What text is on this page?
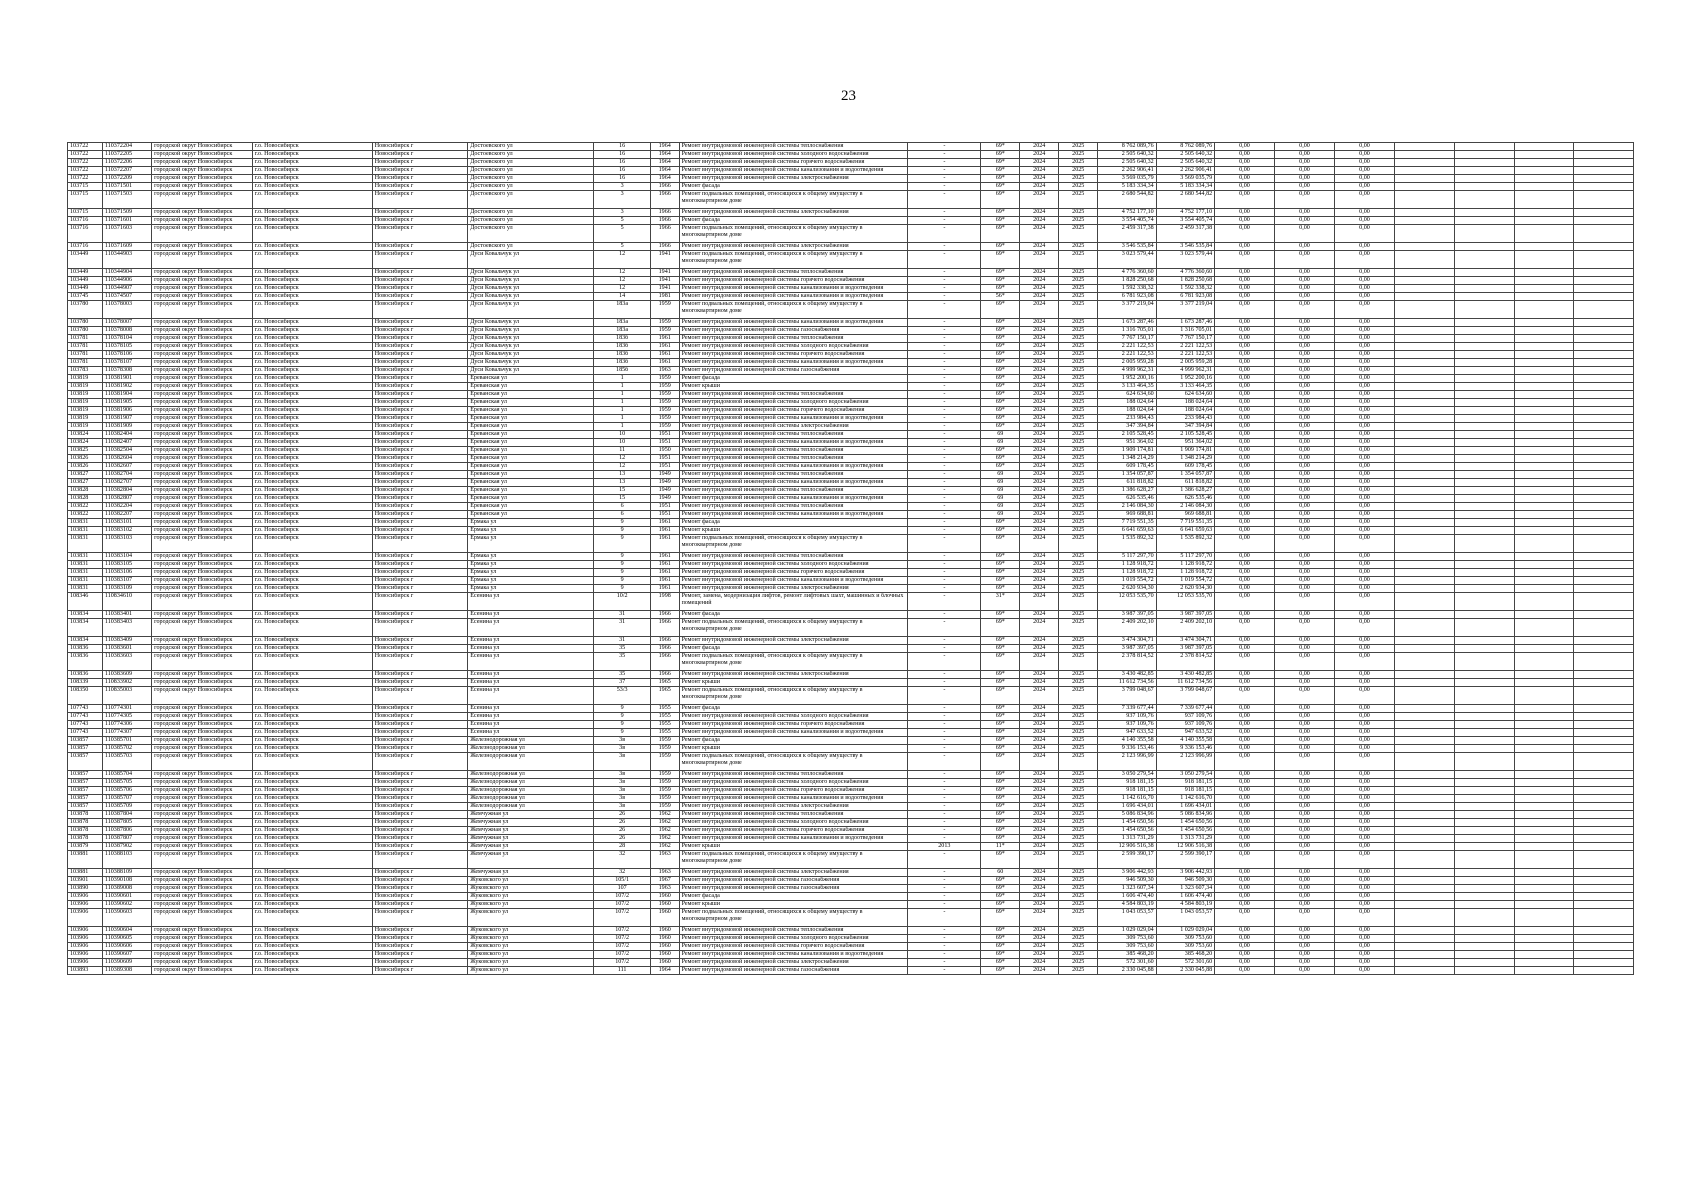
23
103722	110372204	городской округ Новосибирск	г.о. Новосибирск	Новосибирск г	Достоевского ул	16	1964	Ремонт внутридомовой инженерной системы теплоснабжения	-	69*	2024	2025	8 762 089,76	8 762 089,76	0,00	0,00	0,00				
103722	110372205	городской округ Новосибирск	г.о. Новосибирск	Новосибирск г	Достоевского ул	16	1964	Ремонт внутридомовой инженерной системы холодного водоснабжения	-	69*	2024	2025	2 505 640,32	2 505 640,32	0,00	0,00	0,00				
103722	110372206	городской округ Новосибирск	г.о. Новосибирск	Новосибирск г	Достоевского ул	16	1964	Ремонт внутридомовой инженерной системы горячего водоснабжения	-	69*	2024	2025	2 505 640,32	2 505 640,32	0,00	0,00	0,00				
103722	110372207	городской округ Новосибирск	г.о. Новосибирск	Новосибирск г	Достоевского ул	16	1964	Ремонт внутридомовой инженерной системы канализования и водоотведения	-	69*	2024	2025	2 262 906,41	2 262 906,41	0,00	0,00	0,00				
103722	110372209	городской округ Новосибирск	г.о. Новосибирск	Новосибирск г	Достоевского ул	16	1964	Ремонт внутридомовой инженерной системы электроснабжения	-	69*	2024	2025	3 569 035,79	3 569 035,79	0,00	0,00	0,00				
103715	110371501	городской округ Новосибирск	г.о. Новосибирск	Новосибирск г	Достоевского ул	3	1966	Ремонт фасада	-	69*	2024	2025	5 183 334,34	5 183 334,34	0,00	0,00	0,00				
103715	110371503	городской округ Новосибирск	г.о. Новосибирск	Новосибирск г	Достоевского ул	3	1966	Ремонт подвальных помещений, относящихся к общему имуществу в многоквартирном доме	-	69*	2024	2025	2 680 544,82	2 680 544,82	0,00	0,00	0,00				
103715	110371509	городской округ Новосибирск	г.о. Новосибирск	Новосибирск г	Достоевского ул	3	1966	Ремонт внутридомовой инженерной системы электроснабжения	-	69*	2024	2025	4 752 177,10	4 752 177,10	0,00	0,00	0,00				
103716	110371601	городской округ Новосибирск	г.о. Новосибирск	Новосибирск г	Достоевского ул	5	1966	Ремонт фасада	-	69*	2024	2025	3 554 405,74	3 554 405,74	0,00	0,00	0,00				
103716	110371603	городской округ Новосибирск	г.о. Новосибирск	Новосибирск г	Достоевского ул	5	1966	Ремонт подвальных помещений, относящихся к общему имуществу в многоквартирном доме	-	69*	2024	2025	2 459 317,38	2 459 317,38	0,00	0,00	0,00				
103716	110371609	городской округ Новосибирск	г.о. Новосибирск	Новосибирск г	Достоевского ул	5	1966	Ремонт внутридомовой инженерной системы электроснабжения	-	69*	2024	2025	3 546 535,84	3 546 535,84	0,00	0,00	0,00				
103449	110344903	городской округ Новосибирск	г.о. Новосибирск	Новосибирск г	Дуси Ковальчук ул	12	1941	Ремонт подвальных помещений, относящихся к общему имуществу в многоквартирном доме	-	69*	2024	2025	3 023 579,44	3 023 579,44	0,00	0,00	0,00				
103449	110344904	городской округ Новосибирск	г.о. Новосибирск	Новосибирск г	Дуси Ковальчук ул	12	1941	Ремонт внутридомовой инженерной системы теплоснабжения	-	69*	2024	2025	4 776 360,60	4 776 360,60	0,00	0,00	0,00				
103449	110344906	городской округ Новосибирск	г.о. Новосибирск	Новосибирск г	Дуси Ковальчук ул	12	1941	Ремонт внутридомовой инженерной системы горячего водоснабжения	-	69*	2024	2025	1 828 250,68	1 828 250,68	0,00	0,00	0,00				
103449	110344907	городской округ Новосибирск	г.о. Новосибирск	Новосибирск г	Дуси Ковальчук ул	12	1941	Ремонт внутридомовой инженерной системы канализования и водоотведения	-	69*	2024	2025	1 592 338,32	1 592 338,32	0,00	0,00	0,00				
103745	110374507	городской округ Новосибирск	г.о. Новосибирск	Новосибирск г	Дуси Ковальчук ул	14	1981	Ремонт внутридомовой инженерной системы канализования и водоотведения	-	56*	2024	2025	6 781 923,08	6 781 923,08	0,00	0,00	0,00				
103780	110378003	городской округ Новосибирск	г.о. Новосибирск	Новосибирск г	Дуси Ковальчук ул	183а	1959	Ремонт подвальных помещений, относящихся к общему имуществу в многоквартирном доме	-	69*	2024	2025	3 377 219,04	3 377 219,04	0,00	0,00	0,00				
103780	110378007	городской округ Новосибирск	г.о. Новосибирск	Новосибирск г	Дуси Ковальчук ул	183а	1959	Ремонт внутридомовой инженерной системы канализования и водоотведения	-	69*	2024	2025	1 673 287,46	1 673 287,46	0,00	0,00	0,00				
103780	110378008	городской округ Новосибирск	г.о. Новосибирск	Новосибирск г	Дуси Ковальчук ул	183а	1959	Ремонт внутридомовой инженерной системы газоснабжения	-	69*	2024	2025	1 316 705,01	1 316 705,01	0,00	0,00	0,00				
103781	110378104	городской округ Новосибирск	г.о. Новосибирск	Новосибирск г	Дуси Ковальчук ул	183б	1961	Ремонт внутридомовой инженерной системы теплоснабжения	-	69*	2024	2025	7 767 150,17	7 767 150,17	0,00	0,00	0,00				
103781	110378105	городской округ Новосибирск	г.о. Новосибирск	Новосибирск г	Дуси Ковальчук ул	183б	1961	Ремонт внутридомовой инженерной системы холодного водоснабжения	-	69*	2024	2025	2 221 122,53	2 221 122,53	0,00	0,00	0,00				
103781	110378106	городской округ Новосибирск	г.о. Новосибирск	Новосибирск г	Дуси Ковальчук ул	183б	1961	Ремонт внутридомовой инженерной системы горячего водоснабжения	-	69*	2024	2025	2 221 122,53	2 221 122,53	0,00	0,00	0,00				
103781	110378107	городской округ Новосибирск	г.о. Новосибирск	Новосибирск г	Дуси Ковальчук ул	183б	1961	Ремонт внутридомовой инженерной системы канализования и водоотведения	-	69*	2024	2025	2 005 959,28	2 005 959,28	0,00	0,00	0,00				
103783	110378308	городской округ Новосибирск	г.о. Новосибирск	Новосибирск г	Дуси Ковальчук ул	185б	1963	Ремонт внутридомовой инженерной системы газоснабжения	-	69*	2024	2025	4 999 962,31	4 999 962,31	0,00	0,00	0,00				
103819	110381901	городской округ Новосибирск	г.о. Новосибирск	Новосибирск г	Ереванская ул	1	1959	Ремонт фасада	-	69*	2024	2025	1 952 200,16	1 952 200,16	0,00	0,00	0,00				
103819	110381902	городской округ Новосибирск	г.о. Новосибирск	Новосибирск г	Ереванская ул	1	1959	Ремонт крыши	-	69*	2024	2025	3 133 464,35	3 133 464,35	0,00	0,00	0,00				
103819	110381904	городской округ Новосибирск	г.о. Новосибирск	Новосибирск г	Ереванская ул	1	1959	Ремонт внутридомовой инженерной системы теплоснабжения	-	69*	2024	2025	624 634,60	624 634,60	0,00	0,00	0,00				
103819	110381905	городской округ Новосибирск	г.о. Новосибирск	Новосибирск г	Ереванская ул	1	1959	Ремонт внутридомовой инженерной системы холодного водоснабжения	-	69*	2024	2025	188 024,64	188 024,64	0,00	0,00	0,00				
103819	110381906	городской округ Новосибирск	г.о. Новосибирск	Новосибирск г	Ереванская ул	1	1959	Ремонт внутридомовой инженерной системы горячего водоснабжения	-	69*	2024	2025	188 024,64	188 024,64	0,00	0,00	0,00				
103819	110381907	городской округ Новосибирск	г.о. Новосибирск	Новосибирск г	Ереванская ул	1	1959	Ремонт внутридомовой инженерной системы канализования и водоотведения	-	69*	2024	2025	233 984,43	233 984,43	0,00	0,00	0,00				
103819	110381909	городской округ Новосибирск	г.о. Новосибирск	Новосибирск г	Ереванская ул	1	1959	Ремонт внутридомовой инженерной системы электроснабжения	-	69*	2024	2025	347 394,84	347 394,84	0,00	0,00	0,00				
103824	110382404	городской округ Новосибирск	г.о. Новосибирск	Новосибирск г	Ереванская ул	10	1951	Ремонт внутридомовой инженерной системы теплоснабжения	-	69	2024	2025	2 105 528,45	2 105 528,45	0,00	0,00	0,00				
103824	110382407	городской округ Новосибирск	г.о. Новосибирск	Новосибирск г	Ереванская ул	10	1951	Ремонт внутридомовой инженерной системы канализования и водоотведения	-	69	2024	2025	951 364,02	951 364,02	0,00	0,00	0,00				
103825	110382504	городской округ Новосибирск	г.о. Новосибирск	Новосибирск г	Ереванская ул	11	1950	Ремонт внутридомовой инженерной системы теплоснабжения	-	69*	2024	2025	1 909 174,81	1 909 174,81	0,00	0,00	0,00				
103826	110382604	городской округ Новосибирск	г.о. Новосибирск	Новосибирск г	Ереванская ул	12	1951	Ремонт внутридомовой инженерной системы теплоснабжения	-	69*	2024	2025	1 348 214,29	1 348 214,29	0,00	0,00	0,00				
103826	110382607	городской округ Новосибирск	г.о. Новосибирск	Новосибирск г	Ереванская ул	12	1951	Ремонт внутридомовой инженерной системы канализования и водоотведения	-	69*	2024	2025	609 178,45	609 178,45	0,00	0,00	0,00				
103827	110382704	городской округ Новосибирск	г.о. Новосибирск	Новосибирск г	Ереванская ул	13	1949	Ремонт внутридомовой инженерной системы теплоснабжения	-	69	2024	2025	1 354 057,87	1 354 057,87	0,00	0,00	0,00				
103827	110382707	городской округ Новосибирск	г.о. Новосибирск	Новосибирск г	Ереванская ул	13	1949	Ремонт внутридомовой инженерной системы канализования и водоотведения	-	69	2024	2025	611 818,82	611 818,82	0,00	0,00	0,00				
103828	110382804	городской округ Новосибирск	г.о. Новосибирск	Новосибирск г	Ереванская ул	15	1949	Ремонт внутридомовой инженерной системы теплоснабжения	-	69	2024	2025	1 386 628,27	1 386 628,27	0,00	0,00	0,00				
103828	110382807	городской округ Новосибирск	г.о. Новосибирск	Новосибирск г	Ереванская ул	15	1949	Ремонт внутридомовой инженерной системы канализования и водоотведения	-	69	2024	2025	626 535,46	626 535,46	0,00	0,00	0,00				
103822	110382204	городской округ Новосибирск	г.о. Новосибирск	Новосибирск г	Ереванская ул	6	1951	Ремонт внутридомовой инженерной системы теплоснабжения	-	69	2024	2025	2 146 084,30	2 146 084,30	0,00	0,00	0,00				
103822	110382207	городской округ Новосибирск	г.о. Новосибирск	Новосибирск г	Ереванская ул	6	1951	Ремонт внутридомовой инженерной системы канализования и водоотведения	-	69	2024	2025	969 688,81	969 688,81	0,00	0,00	0,00				
103831	110383101	городской округ Новосибирск	г.о. Новосибирск	Новосибирск г	Ермака ул	9	1961	Ремонт фасада	-	69*	2024	2025	7 719 551,35	7 719 551,35	0,00	0,00	0,00				
103831	110383102	городской округ Новосибирск	г.о. Новосибирск	Новосибирск г	Ермака ул	9	1961	Ремонт крыши	-	69*	2024	2025	6 641 659,63	6 641 659,63	0,00	0,00	0,00				
103831	110383103	городской округ Новосибирск	г.о. Новосибирск	Новосибирск г	Ермака ул	9	1961	Ремонт подвальных помещений, относящихся к общему имуществу в многоквартирном доме	-	69*	2024	2025	1 535 892,32	1 535 892,32	0,00	0,00	0,00				
103831	110383104	городской округ Новосибирск	г.о. Новосибирск	Новосибирск г	Ермака ул	9	1961	Ремонт внутридомовой инженерной системы теплоснабжения	-	69*	2024	2025	5 117 297,70	5 117 297,70	0,00	0,00	0,00				
103831	110383105	городской округ Новосибирск	г.о. Новосибирск	Новосибирск г	Ермака ул	9	1961	Ремонт внутридомовой инженерной системы холодного водоснабжения	-	69*	2024	2025	1 128 918,72	1 128 918,72	0,00	0,00	0,00				
103831	110383106	городской округ Новосибирск	г.о. Новосибирск	Новосибирск г	Ермака ул	9	1961	Ремонт внутридомовой инженерной системы горячего водоснабжения	-	69*	2024	2025	1 128 918,72	1 128 918,72	0,00	0,00	0,00				
103831	110383107	городской округ Новосибирск	г.о. Новосибирск	Новосибирск г	Ермака ул	9	1961	Ремонт внутридомовой инженерной системы канализования и водоотведения	-	69*	2024	2025	1 019 554,72	1 019 554,72	0,00	0,00	0,00				
103831	110383109	городской округ Новосибирск	г.о. Новосибирск	Новосибирск г	Ермака ул	9	1961	Ремонт внутридомовой инженерной системы электроснабжения	-	69*	2024	2025	2 620 934,30	2 620 934,30	0,00	0,00	0,00				
108346	110834610	городской округ Новосибирск	г.о. Новосибирск	Новосибирск г	Есенина ул	10/2	1998	Ремонт, замена, модернизация лифтов, ремонт лифтовых шахт, машинных и блочных помещений	-	31*	2024	2025	12 053 535,70	12 053 535,70	0,00	0,00	0,00				
103834	110383401	городской округ Новосибирск	г.о. Новосибирск	Новосибирск г	Есенина ул	31	1966	Ремонт фасада	-	69*	2024	2025	3 987 397,05	3 987 397,05	0,00	0,00	0,00				
103834	110383403	городской округ Новосибирск	г.о. Новосибирск	Новосибирск г	Есенина ул	31	1966	Ремонт подвальных помещений, относящихся к общему имуществу в многоквартирном доме	-	69*	2024	2025	2 409 202,10	2 409 202,10	0,00	0,00	0,00				
103834	110383409	городской округ Новосибирск	г.о. Новосибирск	Новосибирск г	Есенина ул	31	1966	Ремонт внутридомовой инженерной системы электроснабжения	-	69*	2024	2025	3 474 304,71	3 474 304,71	0,00	0,00	0,00				
103836	110383601	городской округ Новосибирск	г.о. Новосибирск	Новосибирск г	Есенина ул	35	1966	Ремонт фасада	-	69*	2024	2025	3 987 397,05	3 987 397,05	0,00	0,00	0,00				
103836	110383603	городской округ Новосибирск	г.о. Новосибирск	Новосибирск г	Есенина ул	35	1966	Ремонт подвальных помещений, относящихся к общему имуществу в многоквартирном доме	-	69*	2024	2025	2 378 814,52	2 378 814,52	0,00	0,00	0,00				
103836	110383609	городской округ Новосибирск	г.о. Новосибирск	Новосибирск г	Есенина ул	35	1966	Ремонт внутридомовой инженерной системы электроснабжения	-	69*	2024	2025	3 430 482,85	3 430 482,85	0,00	0,00	0,00				
108339	110833902	городской округ Новосибирск	г.о. Новосибирск	Новосибирск г	Есенина ул	37	1965	Ремонт крыши	-	69*	2024	2025	11 612 734,56	11 612 734,56	0,00	0,00	0,00				
108350	110835003	городской округ Новосибирск	г.о. Новосибирск	Новосибирск г	Есенина ул	53/3	1965	Ремонт подвальных помещений, относящихся к общему имуществу в многоквартирном доме	-	69*	2024	2025	3 799 048,67	3 799 048,67	0,00	0,00	0,00				
107743	110774301	городской округ Новосибирск	г.о. Новосибирск	Новосибирск г	Есенина ул	9	1955	Ремонт фасада	-	69*	2024	2025	7 339 677,44	7 339 677,44	0,00	0,00	0,00				
107743	110774305	городской округ Новосибирск	г.о. Новосибирск	Новосибирск г	Есенина ул	9	1955	Ремонт внутридомовой инженерной системы холодного водоснабжения	-	69*	2024	2025	937 109,76	937 109,76	0,00	0,00	0,00				
107743	110774306	городской округ Новосибирск	г.о. Новосибирск	Новосибирск г	Есенина ул	9	1955	Ремонт внутридомовой инженерной системы горячего водоснабжения	-	69*	2024	2025	937 109,76	937 109,76	0,00	0,00	0,00				
107743	110774307	городской округ Новосибирск	г.о. Новосибирск	Новосибирск г	Есенина ул	9	1955	Ремонт внутридомовой инженерной системы канализования и водоотведения	-	69*	2024	2025	947 633,52	947 633,52	0,00	0,00	0,00				
103857	110385701	городской округ Новосибирск	г.о. Новосибирск	Новосибирск г	Железнодорожная ул	3в	1959	Ремонт фасада	-	69*	2024	2025	4 140 355,58	4 140 355,58	0,00	0,00	0,00				
103857	110385702	городской округ Новосибирск	г.о. Новосибирск	Новосибирск г	Железнодорожная ул	3в	1959	Ремонт крыши	-	69*	2024	2025	9 336 153,46	9 336 153,46	0,00	0,00	0,00				
103857	110385703	городской округ Новосибирск	г.о. Новосибирск	Новосибирск г	Железнодорожная ул	3в	1959	Ремонт подвальных помещений, относящихся к общему имуществу в многоквартирном доме	-	69*	2024	2025	2 123 996,99	2 123 996,99	0,00	0,00	0,00				
103857	110385704	городской округ Новосибирск	г.о. Новосибирск	Новосибирск г	Железнодорожная ул	3в	1959	Ремонт внутридомовой инженерной системы теплоснабжения	-	69*	2024	2025	3 050 279,54	3 050 279,54	0,00	0,00	0,00				
103857	110385705	городской округ Новосибирск	г.о. Новосибирск	Новосибирск г	Железнодорожная ул	3в	1959	Ремонт внутридомовой инженерной системы холодного водоснабжения	-	69*	2024	2025	918 181,15	918 181,15	0,00	0,00	0,00				
103857	110385706	городской округ Новосибирск	г.о. Новосибирск	Новосибирск г	Железнодорожная ул	3в	1959	Ремонт внутридомовой инженерной системы горячего водоснабжения	-	69*	2024	2025	918 181,15	918 181,15	0,00	0,00	0,00				
103857	110385707	городской округ Новосибирск	г.о. Новосибирск	Новосибирск г	Железнодорожная ул	3в	1959	Ремонт внутридомовой инженерной системы канализования и водоотведения	-	69*	2024	2025	1 142 616,70	1 142 616,70	0,00	0,00	0,00				
103857	110385709	городской округ Новосибирск	г.о. Новосибирск	Новосибирск г	Железнодорожная ул	3в	1959	Ремонт внутридомовой инженерной системы электроснабжения	-	69*	2024	2025	1 696 434,01	1 696 434,01	0,00	0,00	0,00				
103878	110387804	городской округ Новосибирск	г.о. Новосибирск	Новосибирск г	Жемчужная ул	26	1962	Ремонт внутридомовой инженерной системы теплоснабжения	-	69*	2024	2025	5 086 834,96	5 086 834,96	0,00	0,00	0,00				
103878	110387805	городской округ Новосибирск	г.о. Новосибирск	Новосибирск г	Жемчужная ул	26	1962	Ремонт внутридомовой инженерной системы холодного водоснабжения	-	69*	2024	2025	1 454 650,56	1 454 650,56	0,00	0,00	0,00				
103878	110387806	городской округ Новосибирск	г.о. Новосибирск	Новосибирск г	Жемчужная ул	26	1962	Ремонт внутридомовой инженерной системы горячего водоснабжения	-	69*	2024	2025	1 454 650,56	1 454 650,56	0,00	0,00	0,00				
103878	110387807	городской округ Новосибирск	г.о. Новосибирск	Новосибирск г	Жемчужная ул	26	1962	Ремонт внутридомовой инженерной системы канализования и водоотведения	-	69*	2024	2025	1 313 731,29	1 313 731,29	0,00	0,00	0,00				
103879	110387902	городской округ Новосибирск	г.о. Новосибирск	Новосибирск г	Жемчужная ул	28	1962	Ремонт крыши	2013	11*	2024	2025	12 906 516,38	12 906 516,38	0,00	0,00	0,00				
103881	110388103	городской округ Новосибирск	г.о. Новосибирск	Новосибирск г	Жемчужная ул	32	1963	Ремонт подвальных помещений, относящихся к общему имуществу в многоквартирном доме	-	69*	2024	2025	2 599 390,17	2 599 390,17	0,00	0,00	0,00				
103881	110388109	городской округ Новосибирск	г.о. Новосибирск	Новосибирск г	Жемчужная ул	32	1963	Ремонт внутридомовой инженерной системы электроснабжения	-	60	2024	2025	3 906 442,93	3 906 442,93	0,00	0,00	0,00				
103901	110390108	городской округ Новосибирск	г.о. Новосибирск	Новосибирск г	Жуковского ул	105/1	1967	Ремонт внутридомовой инженерной системы газоснабжения	-	69*	2024	2025	946 509,30	946 509,30	0,00	0,00	0,00				
103890	110389008	городской округ Новосибирск	г.о. Новосибирск	Новосибирск г	Жуковского ул	107	1963	Ремонт внутридомовой инженерной системы газоснабжения	-	69*	2024	2025	1 323 607,34	1 323 607,34	0,00	0,00	0,00				
103906	110390601	городской округ Новосибирск	г.о. Новосибирск	Новосибирск г	Жуковского ул	107/2	1960	Ремонт фасада	-	69*	2024	2025	1 606 474,40	1 606 474,40	0,00	0,00	0,00				
103906	110390602	городской округ Новосибирск	г.о. Новосибирск	Новосибирск г	Жуковского ул	107/2	1960	Ремонт крыши	-	69*	2024	2025	4 584 803,19	4 584 803,19	0,00	0,00	0,00				
103906	110390603	городской округ Новосибирск	г.о. Новосибирск	Новосибирск г	Жуковского ул	107/2	1960	Ремонт подвальных помещений, относящихся к общему имуществу в многоквартирном доме	-	69*	2024	2025	1 043 053,57	1 043 053,57	0,00	0,00	0,00				
103906	110390604	городской округ Новосибирск	г.о. Новосибирск	Новосибирск г	Жуковского ул	107/2	1960	Ремонт внутридомовой инженерной системы теплоснабжения	-	69*	2024	2025	1 029 029,04	1 029 029,04	0,00	0,00	0,00				
103906	110390605	городской округ Новосибирск	г.о. Новосибирск	Новосибирск г	Жуковского ул	107/2	1960	Ремонт внутридомовой инженерной системы холодного водоснабжения	-	69*	2024	2025	309 753,60	309 753,60	0,00	0,00	0,00				
103906	110390606	городской округ Новосибирск	г.о. Новосибирск	Новосибирск г	Жуковского ул	107/2	1960	Ремонт внутридомовой инженерной системы горячего водоснабжения	-	69*	2024	2025	309 753,60	309 753,60	0,00	0,00	0,00				
103906	110390607	городской округ Новосибирск	г.о. Новосибирск	Новосибирск г	Жуковского ул	107/2	1960	Ремонт внутридомовой инженерной системы канализования и водоотведения	-	69*	2024	2025	385 468,20	385 468,20	0,00	0,00	0,00				
103906	110390609	городской округ Новосибирск	г.о. Новосибирск	Новосибирск г	Жуковского ул	107/2	1960	Ремонт внутридомовой инженерной системы электроснабжения	-	69*	2024	2025	572 301,60	572 301,60	0,00	0,00	0,00				
103893	110389308	городской округ Новосибирск	г.о. Новосибирск	Новосибирск г	Жуковского ул	111	1964	Ремонт внутридомовой инженерной системы газоснабжения	-	69*	2024	2025	2 330 045,88	2 330 045,88	0,00	0,00	0,00				
